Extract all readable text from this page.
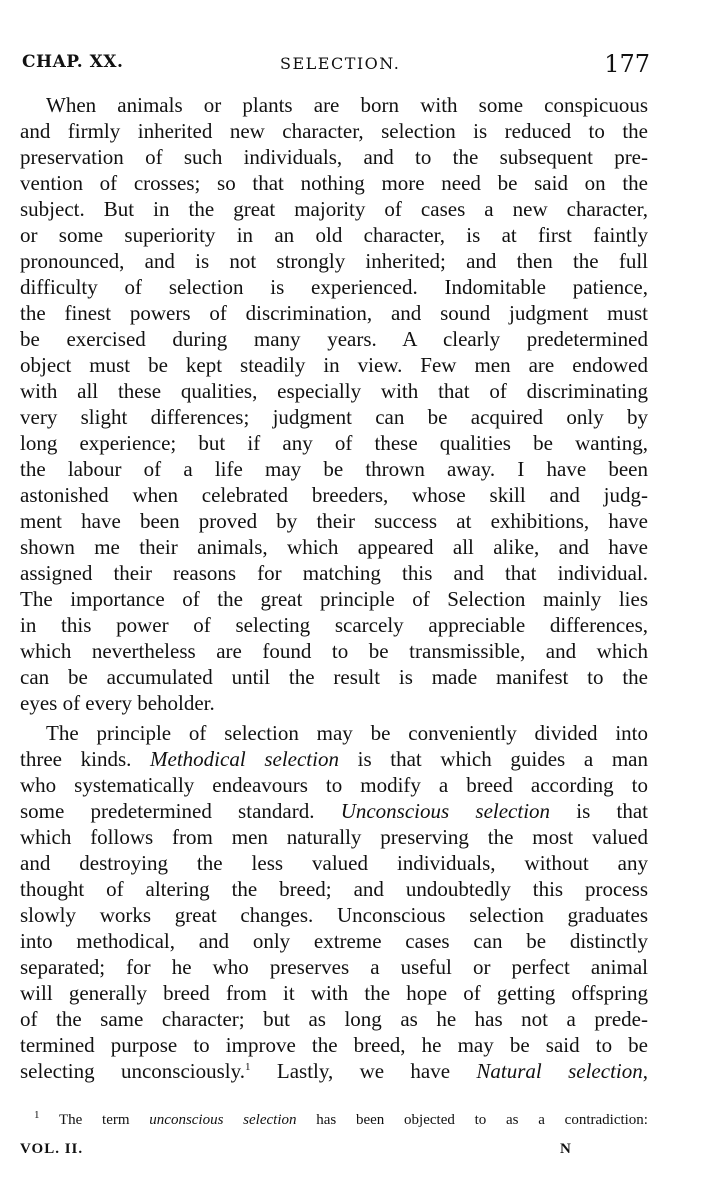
CHAP. XX.	SELECTION.	177
When animals or plants are born with some conspicuous
and firmly inherited new character, selection is reduced to the
preservation of such individuals, and to the subsequent pre-
vention of crosses; so that nothing more need be said on the
subject. But in the great majority of cases a new character,
or some superiority in an old character, is at first faintly
pronounced, and is not strongly inherited; and then the full
difficulty of selection is experienced. Indomitable patience,
the finest powers of discrimination, and sound judgment must
be exercised during many years. A clearly predetermined
object must be kept steadily in view. Few men are endowed
with all these qualities, especially with that of discriminating
very slight differences; judgment can be acquired only by
long experience; but if any of these qualities be wanting,
the labour of a life may be thrown away. I have been
astonished when celebrated breeders, whose skill and judg-
ment have been proved by their success at exhibitions, have
shown me their animals, which appeared all alike, and have
assigned their reasons for matching this and that individual.
The importance of the great principle of Selection mainly lies
in this power of selecting scarcely appreciable differences,
which nevertheless are found to be transmissible, and which
can be accumulated until the result is made manifest to the
eyes of every beholder.
The principle of selection may be conveniently divided into
three kinds. Methodical selection is that which guides a man
who systematically endeavours to modify a breed according to
some predetermined standard. Unconscious selection is that
which follows from men naturally preserving the most valued
and destroying the less valued individuals, without any
thought of altering the breed; and undoubtedly this process
slowly works great changes. Unconscious selection graduates
into methodical, and only extreme cases can be distinctly
separated; for he who preserves a useful or perfect animal
will generally breed from it with the hope of getting offspring
of the same character; but as long as he has not a prede-
termined purpose to improve the breed, he may be said to be
selecting unconsciously.$^1$ Lastly, we have Natural selection,
$^1$ The term unconscious selection has been objected to as a contradiction:
VOL. II.	N
